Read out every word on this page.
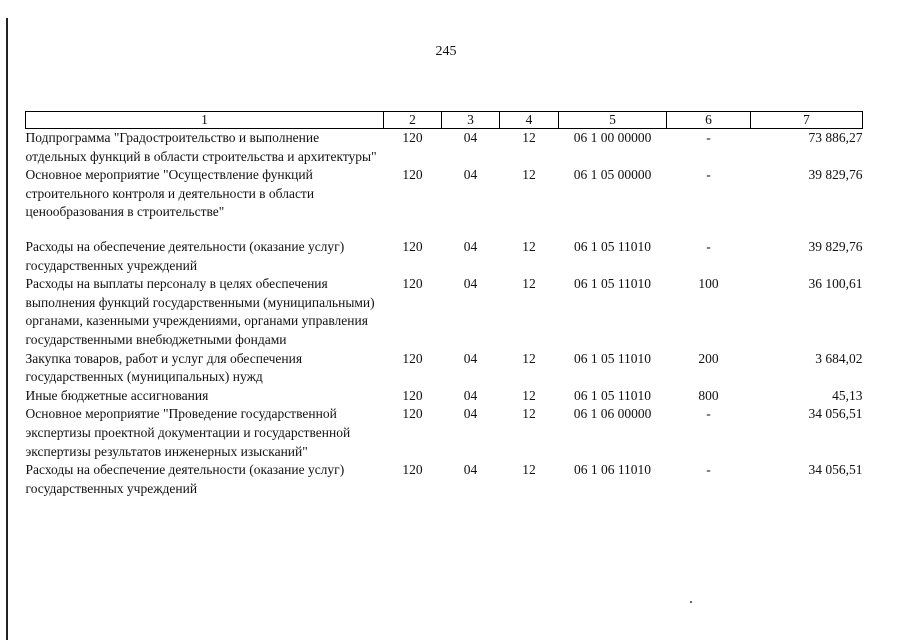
245
1	2	3	4	5	6	7
Подпрограмма "Градостроительство и выполнение отдельных функций в области строительства и архитектуры"	120	04	12	06 1 00 00000	-	73 886,27
Основное мероприятие "Осуществление функций строительного контроля и деятельности в области ценообразования в строительстве"	120	04	12	06 1 05 00000	-	39 829,76
Расходы на обеспечение деятельности (оказание услуг) государственных учреждений	120	04	12	06 1 05 11010	-	39 829,76
Расходы на выплаты персоналу в целях обеспечения выполнения функций государственными (муниципальными) органами, казенными учреждениями, органами управления государственными внебюджетными фондами	120	04	12	06 1 05 11010	100	36 100,61
Закупка товаров, работ и услуг для обеспечения государственных (муниципальных) нужд	120	04	12	06 1 05 11010	200	3 684,02
Иные бюджетные ассигнования	120	04	12	06 1 05 11010	800	45,13
Основное мероприятие "Проведение государственной экспертизы проектной документации и государственной экспертизы результатов инженерных изысканий"	120	04	12	06 1 06 00000	-	34 056,51
Расходы на обеспечение деятельности (оказание услуг) государственных учреждений	120	04	12	06 1 06 11010	-	34 056,51
